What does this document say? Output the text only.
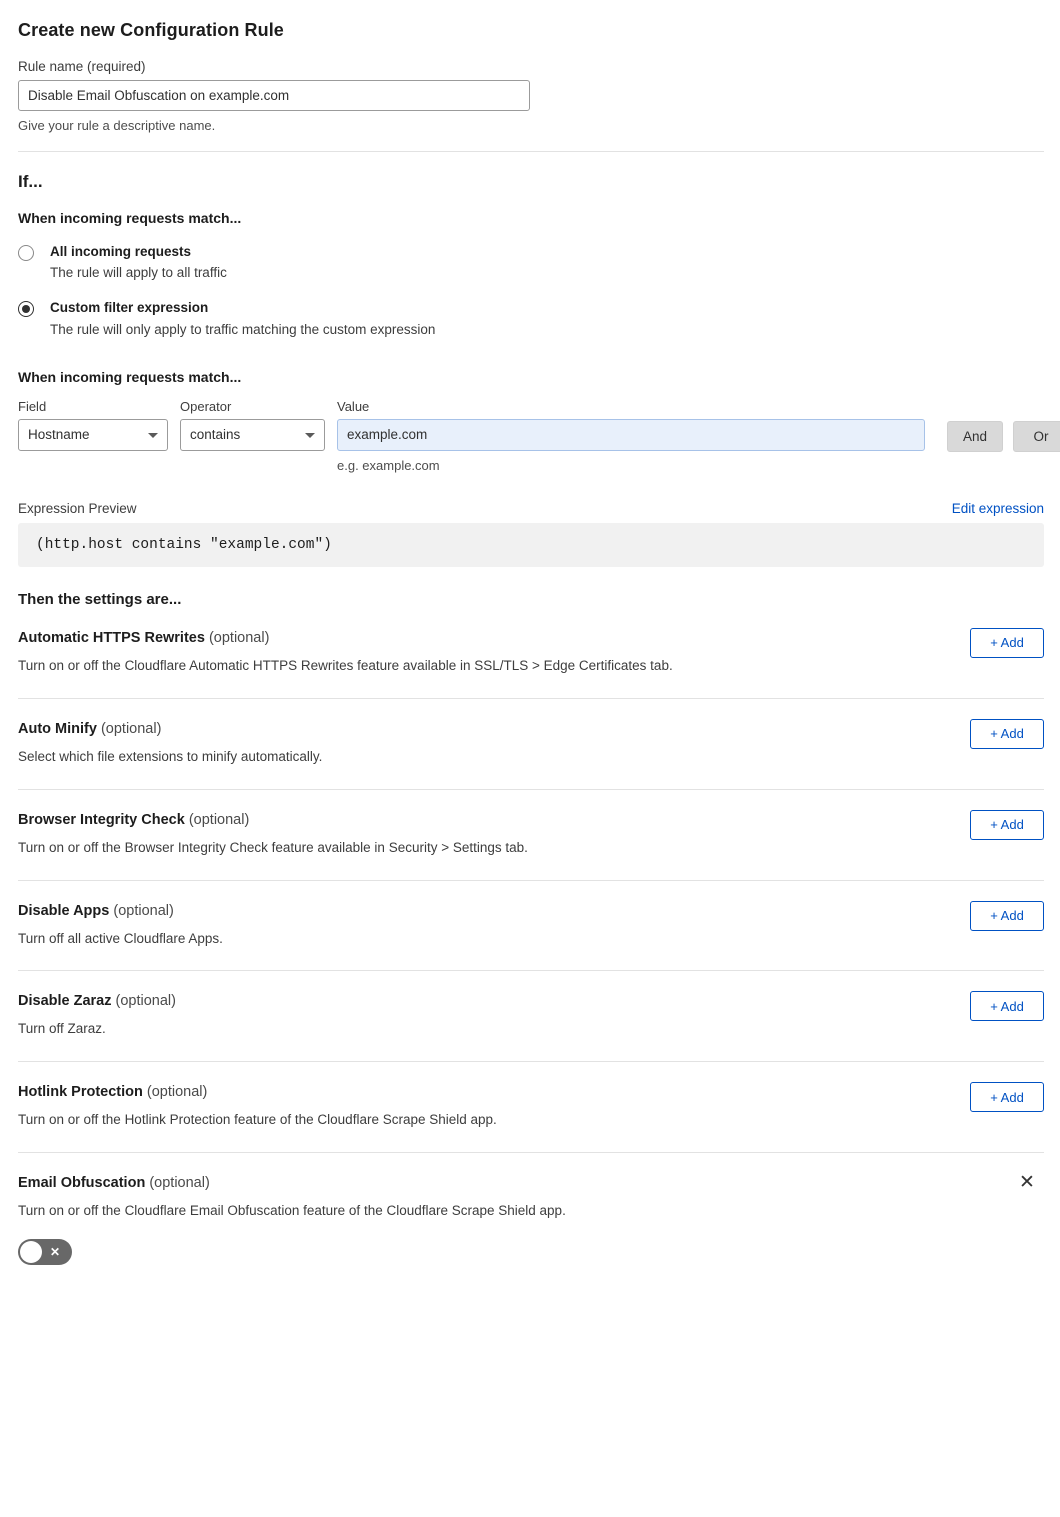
Create new Configuration Rule
Rule name (required)
Disable Email Obfuscation on example.com
Give your rule a descriptive name.
If...
When incoming requests match...
All incoming requests
The rule will apply to all traffic
Custom filter expression
The rule will only apply to traffic matching the custom expression
When incoming requests match...
Field
Hostname
Operator
contains
Value
example.com
e.g. example.com
And	Or
Expression Preview	Edit expression
(http.host contains "example.com")
Then the settings are...
Automatic HTTPS Rewrites (optional)
Turn on or off the Cloudflare Automatic HTTPS Rewrites feature available in SSL/TLS > Edge Certificates tab.
+ Add
Auto Minify (optional)
Select which file extensions to minify automatically.
+ Add
Browser Integrity Check (optional)
Turn on or off the Browser Integrity Check feature available in Security > Settings tab.
+ Add
Disable Apps (optional)
Turn off all active Cloudflare Apps.
+ Add
Disable Zaraz (optional)
Turn off Zaraz.
+ Add
Hotlink Protection (optional)
Turn on or off the Hotlink Protection feature of the Cloudflare Scrape Shield app.
+ Add
Email Obfuscation (optional)
Turn on or off the Cloudflare Email Obfuscation feature of the Cloudflare Scrape Shield app.
✕
✕
